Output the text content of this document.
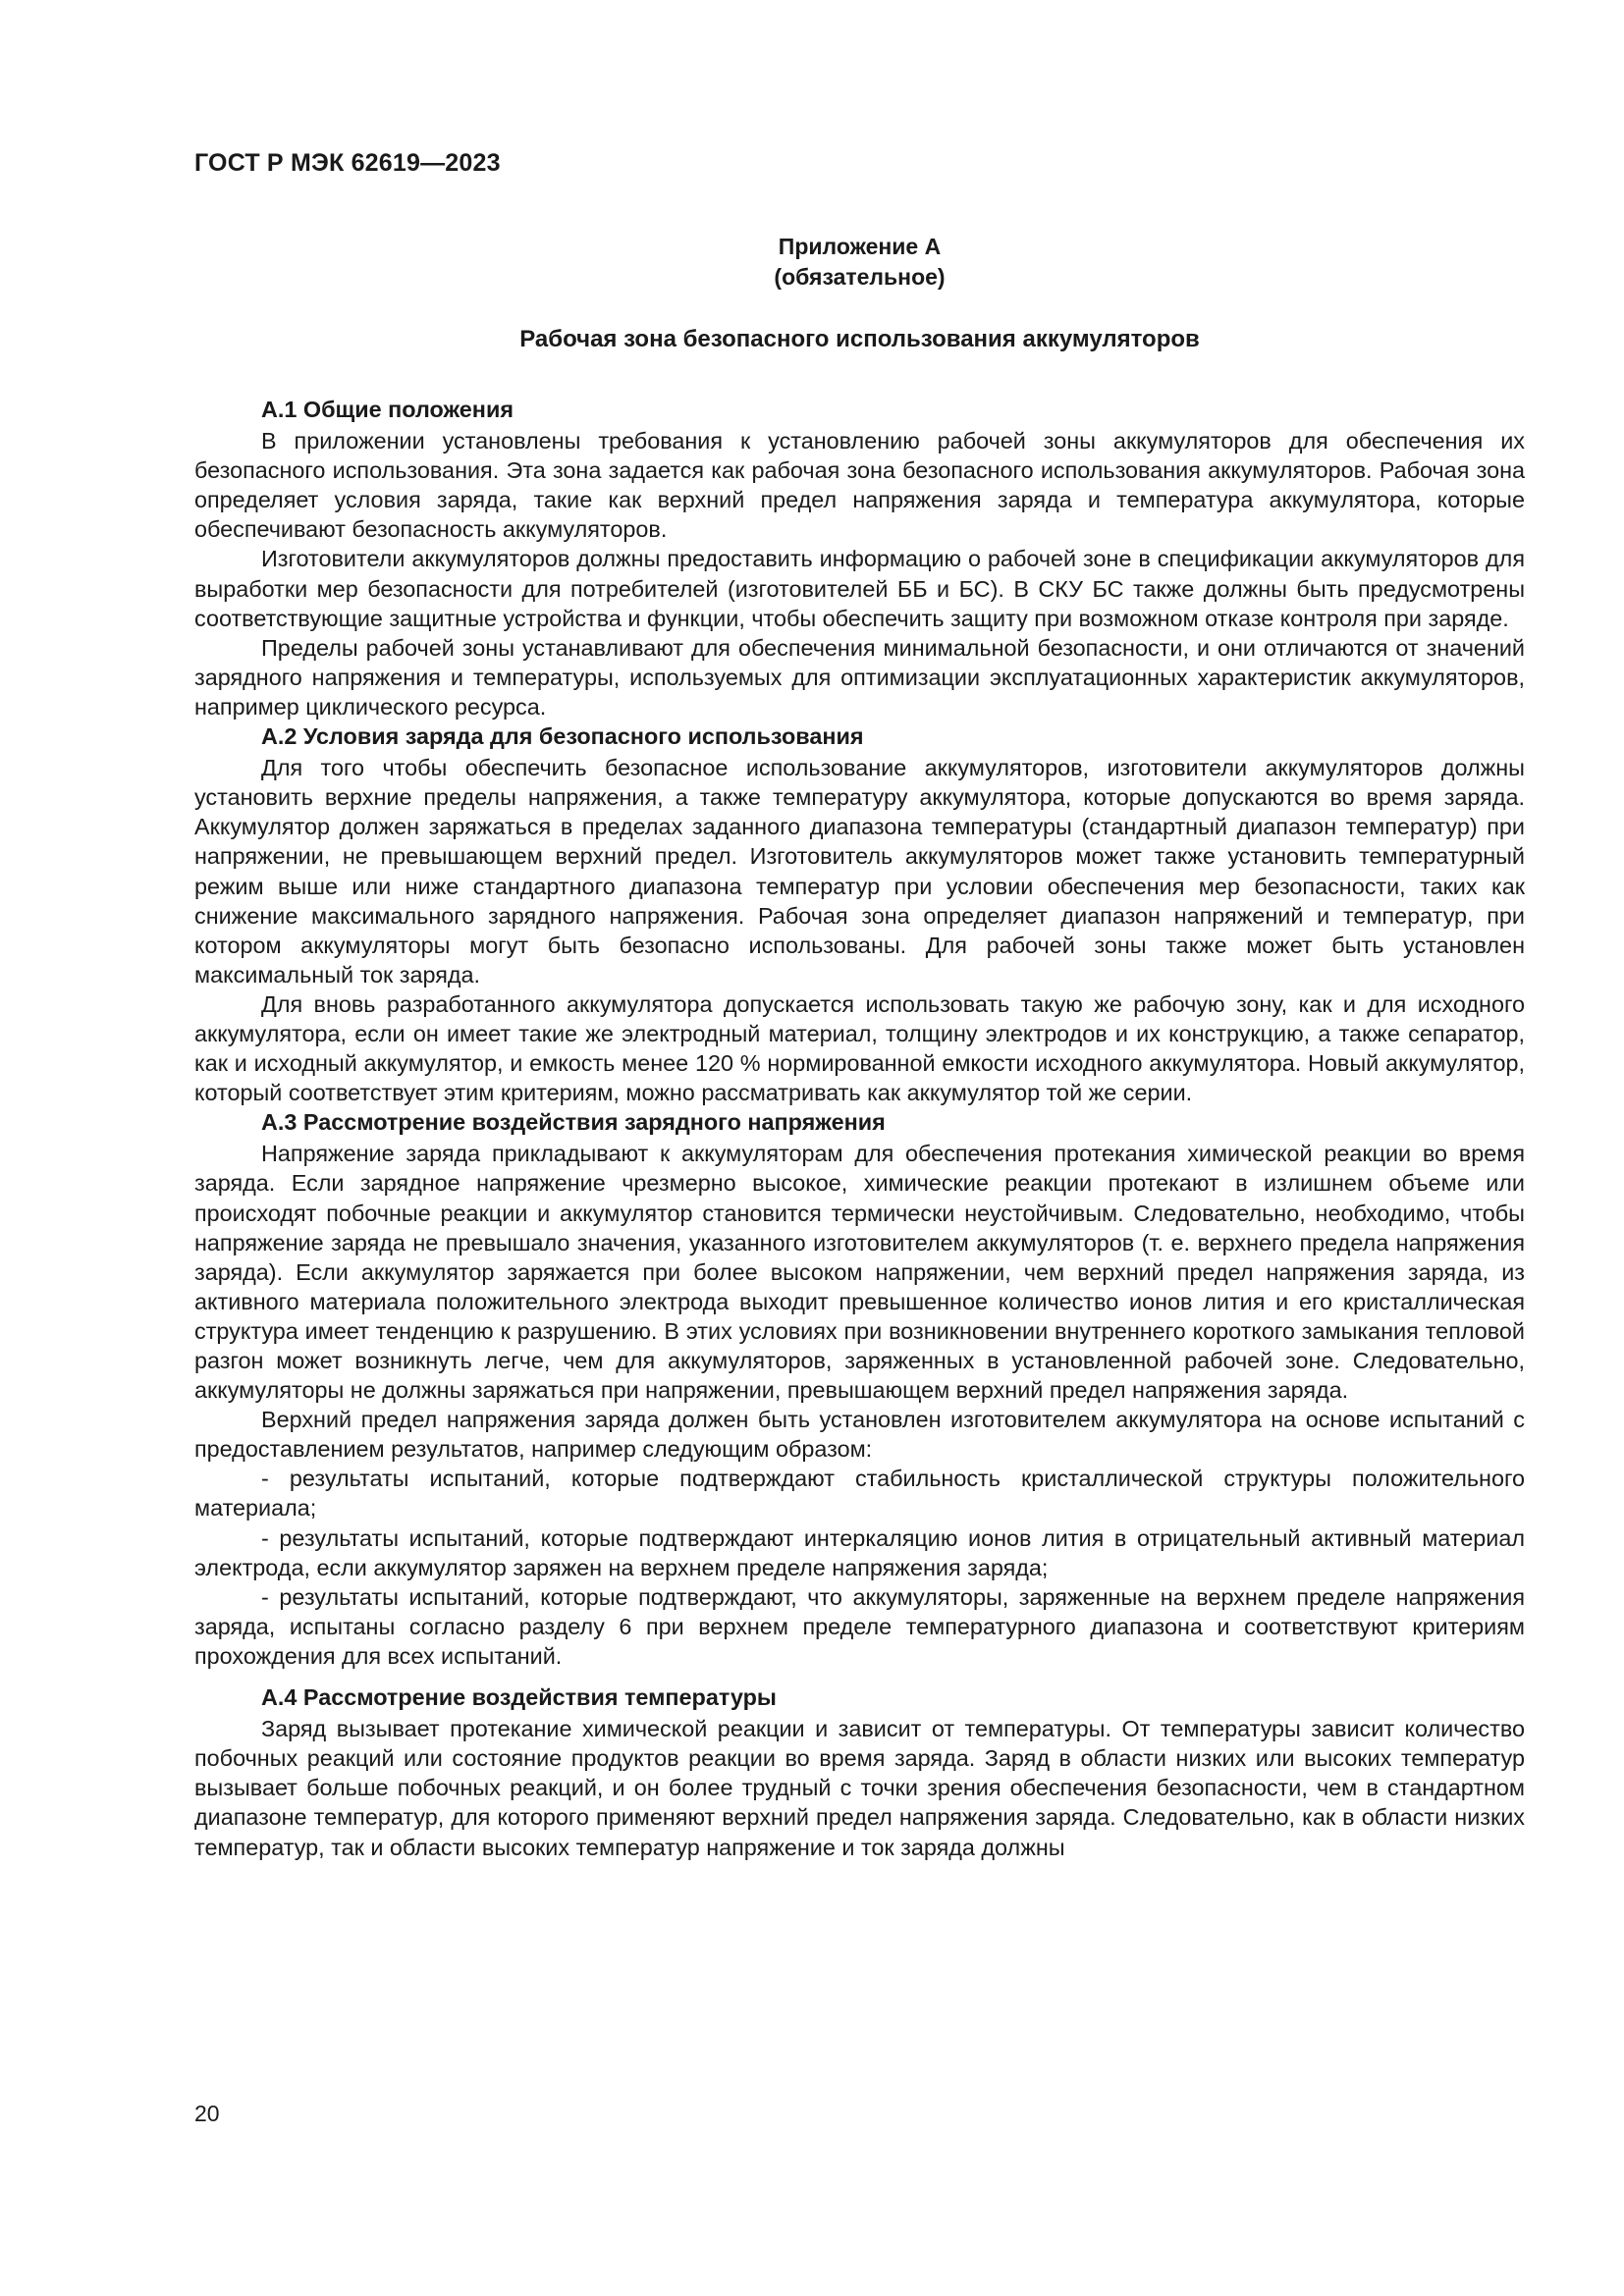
ГОСТ Р МЭК 62619—2023
Приложение А
(обязательное)
Рабочая зона безопасного использования аккумуляторов
А.1 Общие положения

В приложении установлены требования к установлению рабочей зоны аккумуляторов для обеспечения их безопасного использования. Эта зона задается как рабочая зона безопасного использования аккумуляторов. Рабочая зона определяет условия заряда, такие как верхний предел напряжения заряда и температура аккумулятора, которые обеспечивают безопасность аккумуляторов.

Изготовители аккумуляторов должны предоставить информацию о рабочей зоне в спецификации аккумуляторов для выработки мер безопасности для потребителей (изготовителей ББ и БС). В СКУ БС также должны быть предусмотрены соответствующие защитные устройства и функции, чтобы обеспечить защиту при возможном отказе контроля при заряде.

Пределы рабочей зоны устанавливают для обеспечения минимальной безопасности, и они отличаются от значений зарядного напряжения и температуры, используемых для оптимизации эксплуатационных характеристик аккумуляторов, например циклического ресурса.

А.2 Условия заряда для безопасного использования

Для того чтобы обеспечить безопасное использование аккумуляторов, изготовители аккумуляторов должны установить верхние пределы напряжения, а также температуру аккумулятора, которые допускаются во время заряда. Аккумулятор должен заряжаться в пределах заданного диапазона температуры (стандартный диапазон температур) при напряжении, не превышающем верхний предел. Изготовитель аккумуляторов может также установить температурный режим выше или ниже стандартного диапазона температур при условии обеспечения мер безопасности, таких как снижение максимального зарядного напряжения. Рабочая зона определяет диапазон напряжений и температур, при котором аккумуляторы могут быть безопасно использованы. Для рабочей зоны также может быть установлен максимальный ток заряда.

Для вновь разработанного аккумулятора допускается использовать такую же рабочую зону, как и для исходного аккумулятора, если он имеет такие же электродный материал, толщину электродов и их конструкцию, а также сепаратор, как и исходный аккумулятор, и емкость менее 120 % нормированной емкости исходного аккумулятора. Новый аккумулятор, который соответствует этим критериям, можно рассматривать как аккумулятор той же серии.

А.3 Рассмотрение воздействия зарядного напряжения

Напряжение заряда прикладывают к аккумуляторам для обеспечения протекания химической реакции во время заряда. Если зарядное напряжение чрезмерно высокое, химические реакции протекают в излишнем объеме или происходят побочные реакции и аккумулятор становится термически неустойчивым. Следовательно, необходимо, чтобы напряжение заряда не превышало значения, указанного изготовителем аккумуляторов (т. е. верхнего предела напряжения заряда). Если аккумулятор заряжается при более высоком напряжении, чем верхний предел напряжения заряда, из активного материала положительного электрода выходит превышенное количество ионов лития и его кристаллическая структура имеет тенденцию к разрушению. В этих условиях при возникновении внутреннего короткого замыкания тепловой разгон может возникнуть легче, чем для аккумуляторов, заряженных в установленной рабочей зоне. Следовательно, аккумуляторы не должны заряжаться при напряжении, превышающем верхний предел напряжения заряда.

Верхний предел напряжения заряда должен быть установлен изготовителем аккумулятора на основе испытаний с предоставлением результатов, например следующим образом:

- результаты испытаний, которые подтверждают стабильность кристаллической структуры положительного материала;

- результаты испытаний, которые подтверждают интеркаляцию ионов лития в отрицательный активный материал электрода, если аккумулятор заряжен на верхнем пределе напряжения заряда;

- результаты испытаний, которые подтверждают, что аккумуляторы, заряженные на верхнем пределе напряжения заряда, испытаны согласно разделу 6 при верхнем пределе температурного диапазона и соответствуют критериям прохождения для всех испытаний.

А.4 Рассмотрение воздействия температуры

Заряд вызывает протекание химической реакции и зависит от температуры. От температуры зависит количество побочных реакций или состояние продуктов реакции во время заряда. Заряд в области низких или высоких температур вызывает больше побочных реакций, и он более трудный с точки зрения обеспечения безопасности, чем в стандартном диапазоне температур, для которого применяют верхний предел напряжения заряда. Следовательно, как в области низких температур, так и области высоких температур напряжение и ток заряда должны

20
